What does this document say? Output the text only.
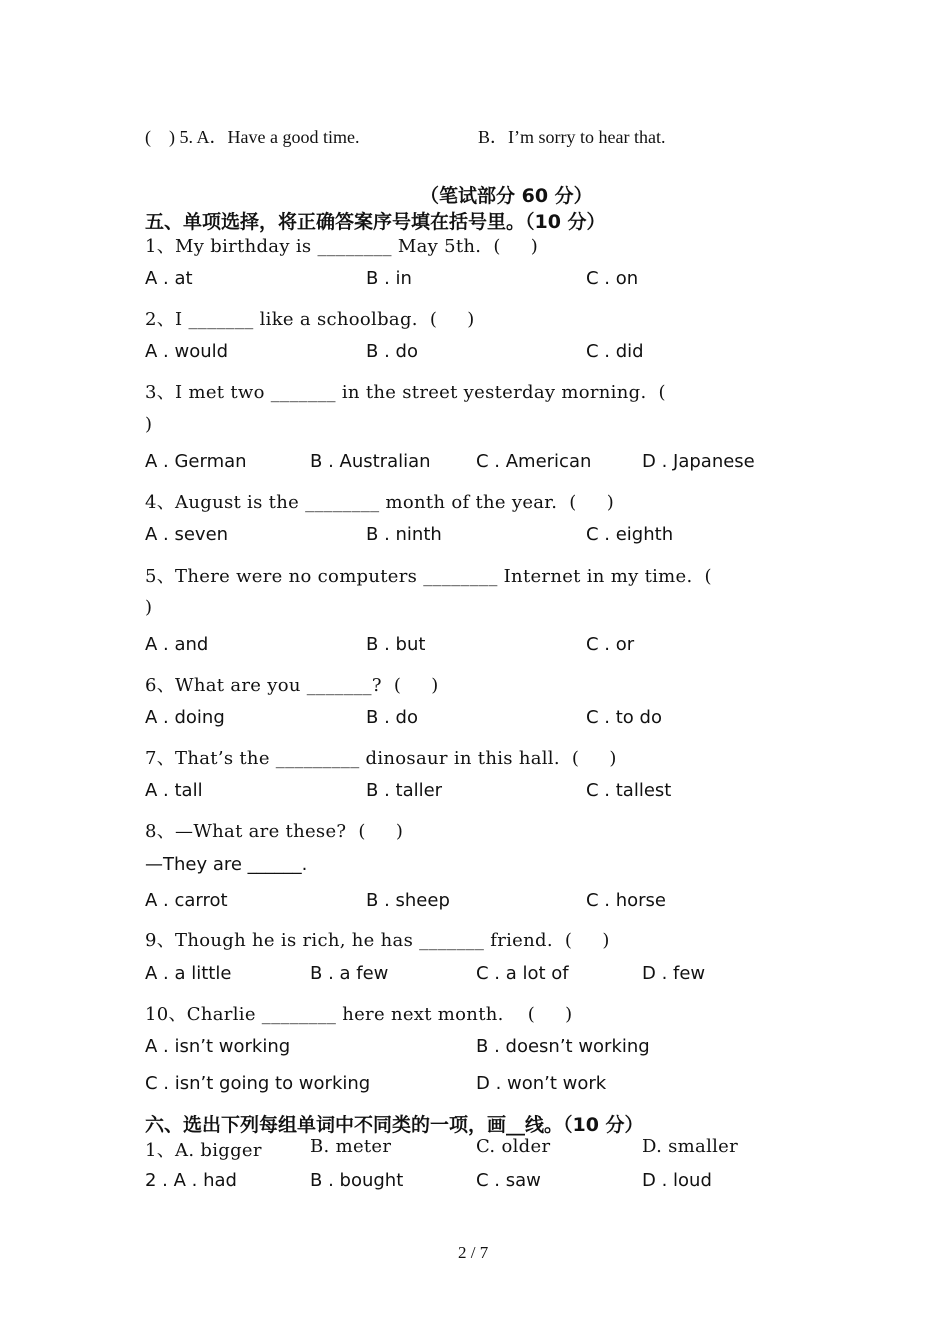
(    ) 5. A．Have a good time.	B．I’m sorry to hear that.
（笔试部分 60 分）
五、单项选择，将正确答案序号填在括号里。（10 分）
1、My birthday is ________ May 5th.  (     )
A . at	B . in	C . on
2、I _______ like a schoolbag.  (     )
A . would	B . do	C . did
3、I met two _______ in the street yesterday morning.  (
)
A . German	B . Australian	C . American	D . Japanese
4、August is the ________ month of the year.  (     )
A . seven	B . ninth	C . eighth
5、There were no computers ________ Internet in my time.  (
)
A . and	B . but	C . or
6、What are you _______?  (     )
A . doing	B . do	C . to do
7、That’s the _________ dinosaur in this hall.  (     )
A . tall	B . taller	C . tallest
8、—What are these?  (     )
—They are ______.
A . carrot	B . sheep	C . horse
9、Though he is rich, he has _______ friend.  (     )
A . a little	B . a few	C . a lot of	D . few
10、Charlie ________ here next month.    (     )
A . isn’t working	B . doesn’t working
C . isn’t going to working	D . won’t work
六、选出下列每组单词中不同类的一项，画__线。（10 分）
1、A. bigger	B. meter	C. older	D. smaller
2 . A . had	B . bought	C . saw	D . loud
2 / 7
